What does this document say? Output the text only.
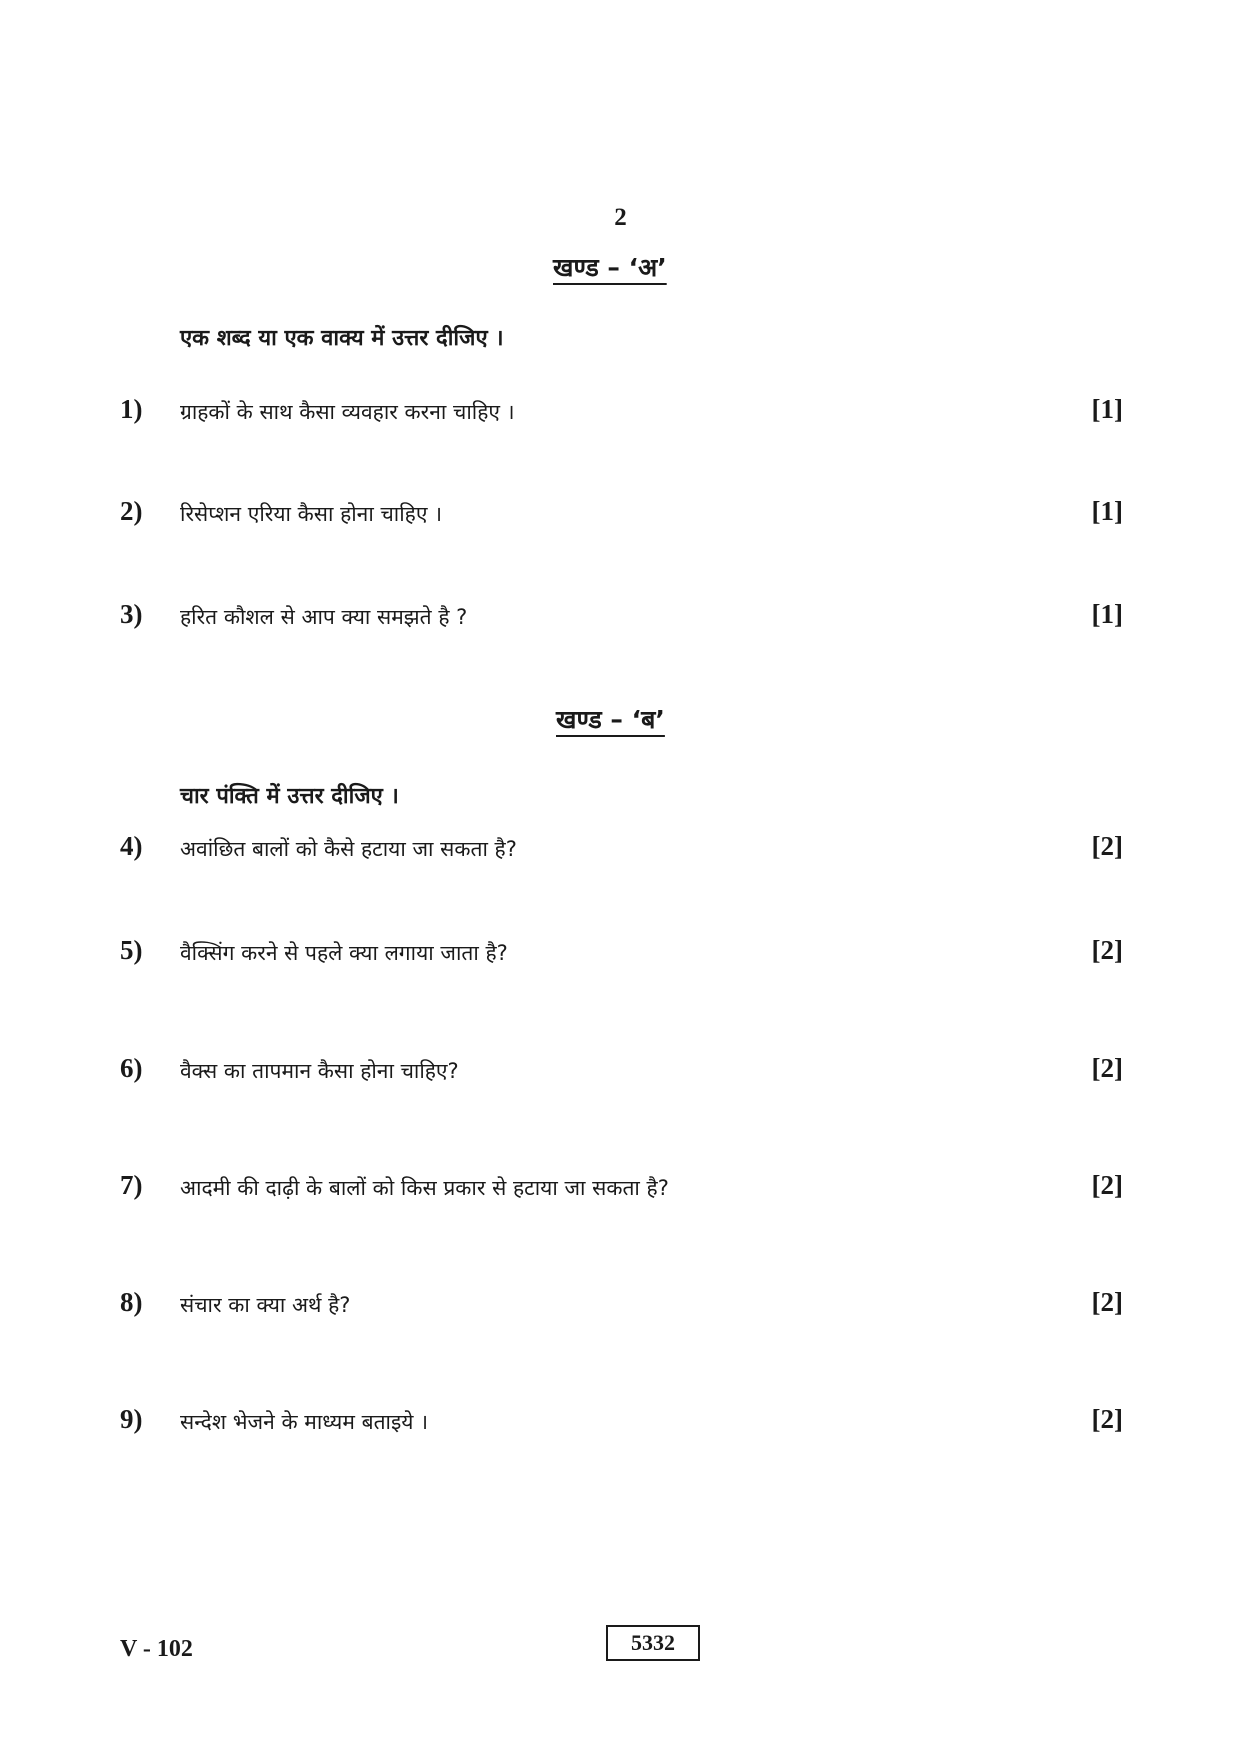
2
खण्ड – ‘अ’
एक शब्द या एक वाक्य में उत्तर दीजिए ।
1) ग्राहकों के साथ कैसा व्यवहार करना चाहिए ।	[1]
2) रिसेप्शन एरिया कैसा होना चाहिए ।	[1]
3) हरित कौशल से आप क्या समझते है ?	[1]
खण्ड – ‘ब’
चार पंक्ति में उत्तर दीजिए ।
4) अवांछित बालों को कैसे हटाया जा सकता है?	[2]
5) वैक्सिंग करने से पहले क्या लगाया जाता है?	[2]
6) वैक्स का तापमान कैसा होना चाहिए?	[2]
7) आदमी की दाढ़ी के बालों को किस प्रकार से हटाया जा सकता है?	[2]
8) संचार का क्या अर्थ है?	[2]
9) सन्देश भेजने के माध्यम बताइये ।	[2]
V - 102	5332
